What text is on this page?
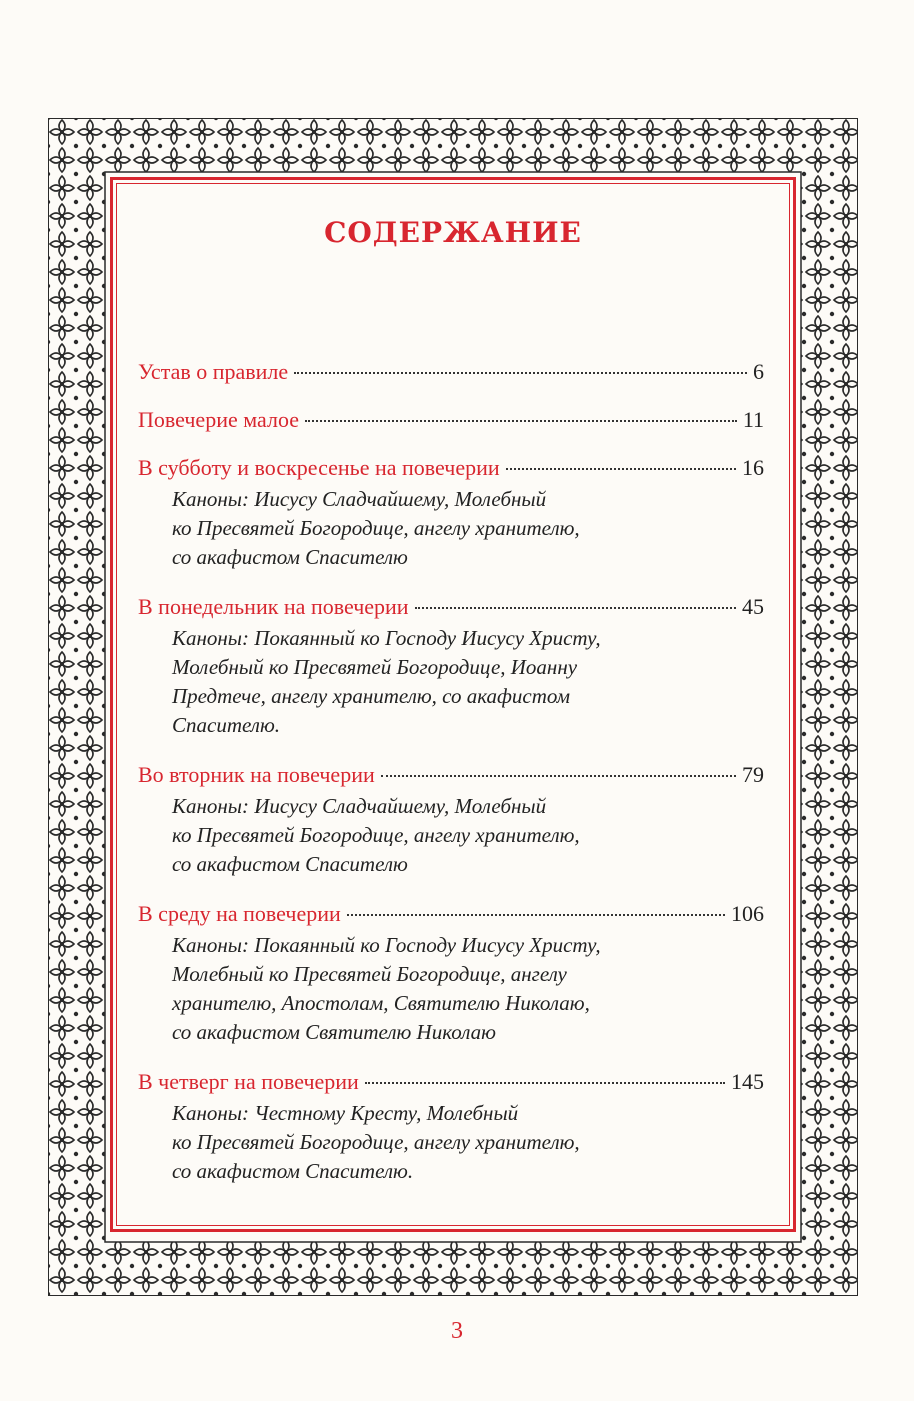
СОДЕРЖАНИЕ
Устав о правиле	6
Повечерие малое	11
В субботу и воскресенье на повечерии	16
Каноны: Иисусу Сладчайшему, Молебный
ко Пресвятей Богородице, ангелу хранителю,
со акафистом Спасителю
В понедельник на повечерии	45
Каноны: Покаянный ко Господу Иисусу Христу,
Молебный ко Пресвятей Богородице, Иоанну
Предтече, ангелу хранителю, со акафистом
Спасителю.
Во вторник на повечерии	79
Каноны: Иисусу Сладчайшему, Молебный
ко Пресвятей Богородице, ангелу хранителю,
со акафистом Спасителю
В среду на повечерии	106
Каноны: Покаянный ко Господу Иисусу Христу,
Молебный ко Пресвятей Богородице, ангелу
хранителю, Апостолам, Святителю Николаю,
со акафистом Святителю Николаю
В четверг на повечерии	145
Каноны: Честному Кресту, Молебный
ко Пресвятей Богородице, ангелу хранителю,
со акафистом Спасителю.
3
